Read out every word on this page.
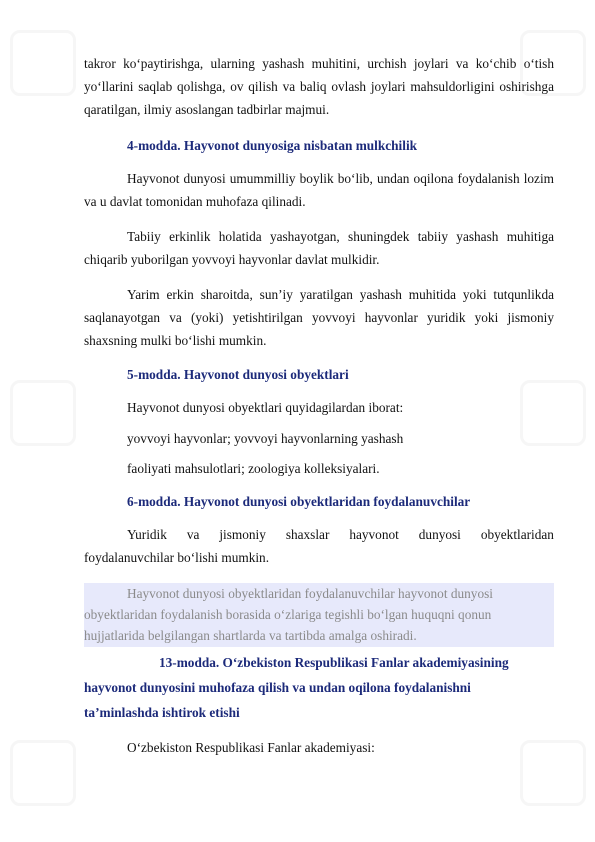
takror ko‘paytirishga, ularning yashash muhitini, urchish joylari va ko‘chib o‘tish yo‘llarini saqlab qolishga, ov qilish va baliq ovlash joylari mahsuldorligini oshirishga qaratilgan, ilmiy asoslangan tadbirlar majmui.

4-modda. Hayvonot dunyosiga nisbatan mulkchilik

Hayvonot dunyosi umummilliy boylik bo‘lib, undan oqilona foydalanish lozim va u davlat tomonidan muhofaza qilinadi.

Tabiiy erkinlik holatida yashayotgan, shuningdek tabiiy yashash muhitiga chiqarib yuborilgan yovvoyi hayvonlar davlat mulkidir.

Yarim erkin sharoitda, sun’iy yaratilgan yashash muhitida yoki tutqunlikda saqlanayotgan va (yoki) yetishtirilgan yovvoyi hayvonlar yuridik yoki jismoniy shaxsning mulki bo‘lishi mumkin.

5-modda. Hayvonot dunyosi obyektlari
Hayvonot dunyosi obyektlari quyidagilardan iborat:
yovvoyi hayvonlar; yovvoyi hayvonlarning yashash
faoliyati mahsulotlari; zoologiya kolleksiyalari.
6-modda. Hayvonot dunyosi obyektlaridan foydalanuvchilar

Yuridik va jismoniy shaxslar hayvonot dunyosi obyektlaridan
foydalanuvchilar bo‘lishi mumkin.

Hayvonot dunyosi obyektlaridan foydalanuvchilar hayvonot dunyosi
obyektlaridan foydalanish borasida o‘zlariga tegishli bo‘lgan huquqni qonun
hujjatlarida belgilangan shartlarda va tartibda amalga oshiradi.
13-modda. O‘zbekiston Respublikasi Fanlar akademiyasining
hayvonot dunyosini muhofaza qilish va undan oqilona foydalanishni
ta’minlashda ishtirok etishi
O‘zbekiston Respublikasi Fanlar akademiyasi:
